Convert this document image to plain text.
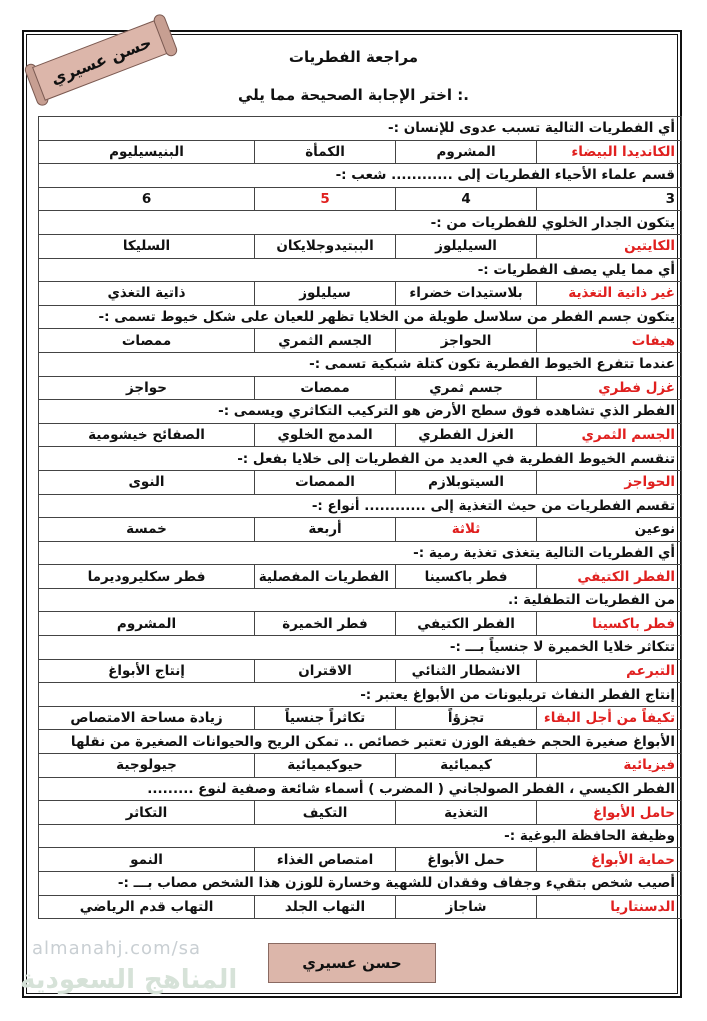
مراجعة الفطريات
اختر الإجابة الصحيحة مما يلي :.
حسن عسيري
أي الفطريات التالية تسبب عدوى للإنسان :-			
الكانديدا البيضاء	المشروم	الكمأة	البنيسيليوم
قسم علماء الأحياء الفطريات إلى ............ شعب :-			
3	4	5	6
يتكون الجدار الخلوي للفطريات من :-			
الكايتين	السيليلوز	الببتيدوجلايكان	السليكا
أي مما يلي يصف الفطريات :-			
غير ذاتية التغذية	بلاستيدات خضراء	سيليلوز	ذاتية التغذي
يتكون جسم الفطر من سلاسل طويلة من الخلايا تظهر للعيان على شكل خيوط تسمى :-			
هيفات	الحواجز	الجسم الثمري	ممصات
عندما تتفرع الخيوط الفطرية تكون كتلة شبكية تسمى :-			
غزل فطري	جسم ثمري	ممصات	حواجز
الفطر الذي تشاهده فوق سطح الأرض هو التركيب التكاثري ويسمى :-			
الجسم الثمري	الغزل الفطري	المدمج الخلوي	الصفائح خيشومية
تنقسم الخيوط الفطرية في العديد من الفطريات إلى خلايا بفعل :-			
الحواجز	السيتوبلازم	الممصات	النوى
تقسم الفطريات من حيث التغذية إلى ............ أنواع :-			
نوعين	ثلاثة	أربعة	خمسة
أي الفطريات التالية يتغذى تغذية رمية :-			
الفطر الكتيفي	فطر باكسينا	الفطريات المفصلية	فطر سكليروديرما
من الفطريات التطفلية :.			
فطر باكسينا	الفطر الكتيفي	فطر الخميرة	المشروم
تتكاثر خلايا الخميرة لا جنسياً بـــ :-			
التبرعم	الانشطار الثنائي	الاقتران	إنتاج الأبواغ
إنتاج الفطر النفاث تريليونات من الأبواغ يعتبر :-			
تكيفاً من أجل البقاء	تجزؤاً	تكاثراً جنسياً	زيادة مساحة الامتصاص
الأبواغ صغيرة الحجم خفيفة الوزن تعتبر خصائص .. تمكن الريح والحيوانات الصغيرة من نقلها			
فيزيائية	كيميائية	حيوكيميائية	جيولوجية
الفطر الكيسي ، الفطر الصولجاني ( المضرب ) أسماء شائعة وصفية لنوع .........			
حامل الأبواغ	التغذية	التكيف	التكاثر
وظيفة الحافظة البوغية :-			
حماية الأبواغ	حمل الأبواغ	امتصاص الغذاء	النمو
أصيب شخص بتقيء وجفاف وفقدان للشهية وخسارة للوزن هذا الشخص مصاب بـــ :-			
الدسنتاريا	شاجاز	التهاب الجلد	التهاب قدم الرياضي
almanahj.com/sa
المناهج السعودية
حسن عسيري
